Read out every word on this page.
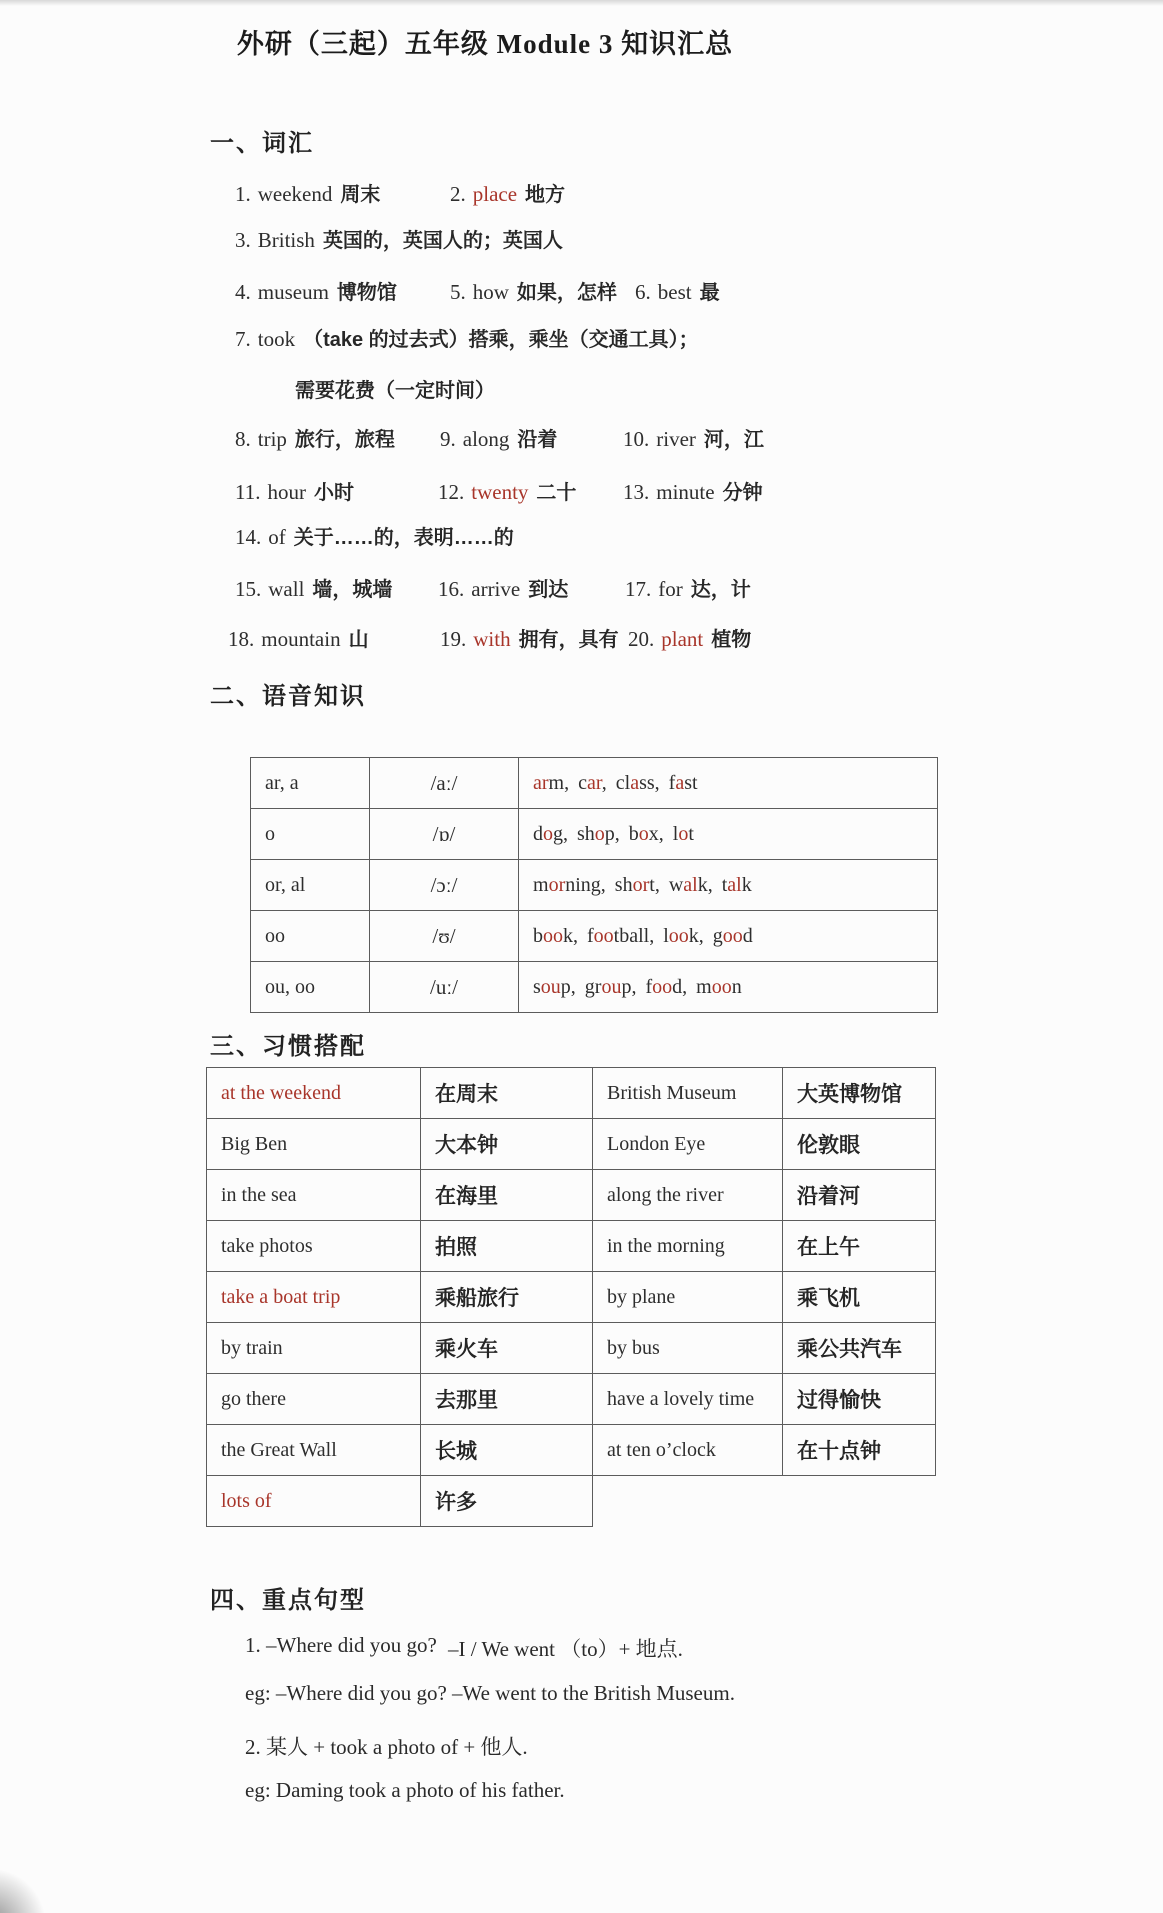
外研（三起）五年级 Module 3 知识汇总
一、词汇
1. weekend 周末	2. place 地方
3. British 英国的，英国人的；英国人
4. museum 博物馆	5. how 如果，怎样 6. best 最
7. took （take 的过去式）搭乘，乘坐（交通工具）；
需要花费（一定时间）
8. trip 旅行，旅程 9. along 沿着	10. river 河，江
11. hour 小时	12. twenty 二十 13. minute 分钟
14. of 关于……的，表明……的
15. wall 墙，城墙 16. arrive 到达	17. for 达，计
18. mountain 山	19. with 拥有，具有 20. plant 植物
二、语音知识
ar, a	/aː/	arm, car, class, fast
o	/ɒ/	dog, shop, box, lot
or, al	/ɔː/	morning, short, walk, talk
oo	/ʊ/	book, football, look, good
ou, oo	/uː/	soup, group, food, moon
三、习惯搭配
at the weekend	在周末	British Museum	大英博物馆
Big Ben	大本钟	London Eye	伦敦眼
in the sea	在海里	along the river	沿着河
take photos	拍照	in the morning	在上午
take a boat trip	乘船旅行	by plane	乘飞机
by train	乘火车	by bus	乘公共汽车
go there	去那里	have a lovely time	过得愉快
the Great Wall	长城	at ten o’clock	在十点钟
lots of	许多		
四、重点句型
1. –Where did you go? –I / We went （to）+ 地点.
eg: –Where did you go? –We went to the British Museum.
2. 某人 + took a photo of + 他人.
eg: Daming took a photo of his father.
